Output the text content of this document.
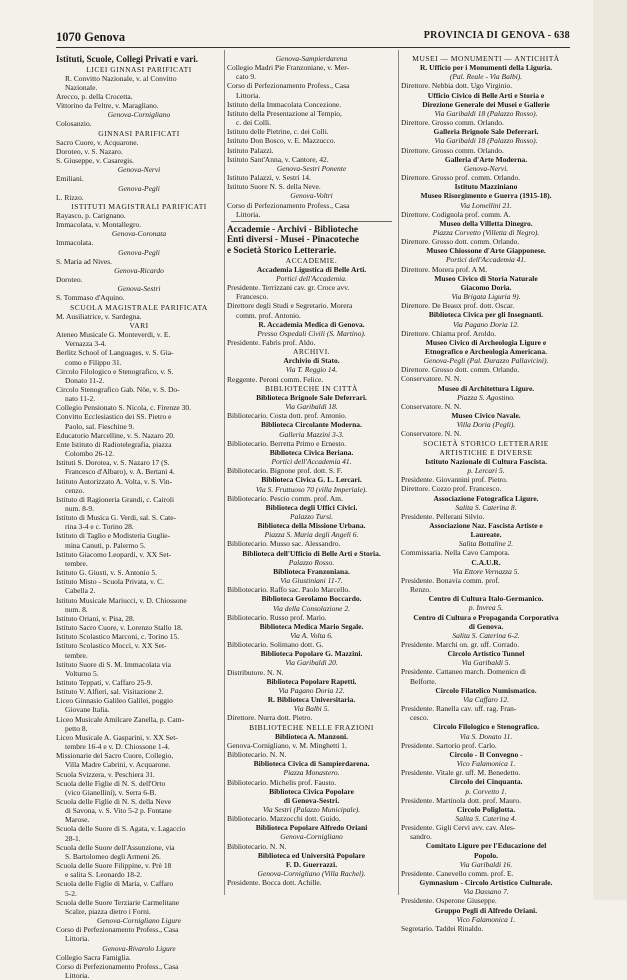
1070 Genova	PROVINCIA DI GENOVA - 638

Istituti, Scuole, Collegi Privati e vari.

LICEI GINNASI PARIFICATI

R. Convitto Nazionale, v. al Convitto

Nazionale.

Arecco, p. della Crocetta.

Vittorino da Feltre, v. Maragliano.

Genova-Cornigliano

Colosanzio.

GINNASI PARIFICATI

Sacro Cuore, v. Acquarone.

Doroteo, v. S. Nazaro.

S. Giuseppe, v. Casaregis.

Genova-Nervi

Emiliani.

Genova-Pegli

L. Rizzo.

ISTITUTI MAGISTRALI PARIFICATI

Rayasco, p. Carignano.

Immacolata, v. Montallegro.

Genova-Coronata

Immacolata.

Genova-Pegli

S. Maria ad Nives.

Genova-Ricardo

Doroteo.

Genova-Sestri

S. Tommaso d'Aquino.

SCUOLA MAGISTRALE PARIFICATA

M. Ausiliatrice, v. Sardegna.

VARI

Ateneo Musicale G. Monteverdi, v. E.

Vernazza 3-4.

Berlitz School of Languages, v. S. Gia-

como e Filippo 31.

Circolo Filologico e Stenografico, v. S.

Donato 11-2.

Circolo Stenografico Gab. Nöe, v. S. Do-

nato 11-2.

Collegio Pensionato S. Nicola, c. Firenze 30.

Convitto Ecclesiastico dei SS. Pietro e

Paolo, sal. Fieschine 9.

Educatorio Marcelline, v. S. Nazaro 20.

Ente Istituto di Radiotelegrafia, piazza

Colombo 26-12.

Istituti S. Dorotea, v. S. Nazaro 17 (S.

Francesco d'Albaro), v. A. Bertani 4.

Istituto Autorizzato A. Volta, v. S. Vin-

cenzo.

Istituto di Ragioneria Grandi, c. Cairoli

num. 8-9.

Istituto di Musica G. Verdi, sal. S. Cate-

rina 3-4 e c. Torino 28.

Istituto di Taglio e Modisteria Guglie-

mina Canuti, p. Palermo 5.

Istituto Giacomo Leopardi, v. XX Set-

tembre.

Istituto G. Giusti, v. S. Antonio 5.

Istituto Misto - Scuola Privata, v. C.

Cabella 2.

Istituto Musicale Mariucci, v. D. Chiossone

num. 8.

Istituto Oriani, v. Pisa, 28.

Istituto Sacro Cuore, v. Lorenzo Stallo 18.

Istituto Scolastico Marconi, c. Torino 15.

Istituto Scolastico Mocci, v. XX Set-

tembre.

Istituto Suore di S. M. Immacolata via

Volturno 5.

Istituto Teppati, v. Caffaro 25-9.

Istituto V. Alfieri, sal. Visitazione 2.

Liceo Ginnasio Galileo Galilei, poggio

Giovane Italia.

Liceo Musicale Amilcare Zanella, p. Cam-

petto 8.

Liceo Musicale A. Gasparini, v. XX Set-

tembre 16-4 e v. D. Chiossone 1-4.

Missionarie del Sacro Cuore, Collegio,

Villa Madre Cabrini, v. Acquarone.

Scuola Svizzera, v. Peschiera 31.

Scuola delle Figlie di N. S. dell'Orto

(vico Gianellini), v. Serra 6-B.

Scuola delle Figlie di N. S. della Neve

di Savona, v. S. Vito 5-2 p. Fontane

Marose.

Scuola delle Suore di S. Agata, v. Lagaccio

28-1.

Scuola delle Suore dell'Assunzione, via

S. Bartolomeo degli Armeni 26.

Scuola delle Suore Filippine, v. Prè 18

e salita S. Leonardo 18-2.

Scuola delle Figlie di Maria, v. Caffaro

5-2.

Scuola delle Suore Terziarie Carmelitane

Scalze, piazza dietro i Forni.

Genova-Cornigliano Ligure

Corso di Perfezionamento Profess., Casa

Littoria.

Genova-Rivarolo Ligure

Collegio Sacra Famiglia.

Corso di Perfezionamento Profess., Casa

Littoria.

Genova-Sampierdarena

Collegio Madri Pie Franzoniane, v. Mer-

cato 9.

Corso di Perfezionamento Profess., Casa

Littoria.

Istituto della Immacolata Concezione.

Istituto della Presentazione al Tempio,

c. dei Colli.

Istituto delle Pietrine, c. dei Colli.

Istituto Don Bosco, v. E. Mazzucco.

Istituto Palazzi.

Istituto Sant'Anna, v. Cantore, 42.

Genova-Sestri Ponente

Istituto Palazzi, v. Sestri 14.

Istituto Suore N. S. della Neve.

Genova-Voltri

Corso di Perfezionamento Profess., Casa

Littoria.

Accademie - Archivi - Biblioteche

Enti diversi - Musei - Pinacoteche

e Società Storico Letterarie.

ACCADEMIE.

Accademia Ligustica di Belle Arti.

Portici dell'Accademia.

Presidente. Terrizzani cav. gr. Croce avv.

Francesco.

Direttore degli Studi e Segretario. Morera

comm. prof. Antonio.

R. Accademia Medica di Genova.

Presso Ospedali Civili (S. Martino).

Presidente. Fabris prof. Aldo.

ARCHIVI.

Archivio di Stato.

Via T. Reggio 14.

Reggente. Peroni comm. Felice.

BIBLIOTECHE IN CITTÀ

Biblioteca Brignole Sale Deferrari.

Via Garibaldi 18.

Bibliotecario. Costa dott. prof. Antonio.

Biblioteca Circolante Moderna.

Galleria Mazzini 3-3.

Bibliotecario. Berretta Primo e Ernesto.

Biblioteca Civica Beriana.

Portici dell'Accademia 41.

Bibliotecario. Bignone prof. dott. S. F.

Biblioteca Civica G. L. Lercari.

Via S. Fruttuoso 70 (villa Imperiale).

Bibliotecario. Pescio comm. prof. Am.

Biblioteca degli Uffici Civici.

Palazzo Tursi.

Biblioteca della Missione Urbana.

Piazza S. Maria degli Angeli 6.

Bibliotecario. Musso sac. Alessandro.

Biblioteca dell'Ufficio di Belle Arti e Storia.

Palazzo Rosso.

Biblioteca Franzoniana.

Via Giustiniani 11-7.

Bibliotecario. Raffo sac. Paolo Marcello.

Biblioteca Gerolamo Boccardo.

Via della Consolazione 2.

Bibliotecario. Russo prof. Mario.

Biblioteca Medica Mario Segale.

Via A. Volta 6.

Bibliotecario. Solimano dott. G.

Biblioteca Popolare G. Mazzini.

Via Garibaldi 20.

Distributore. N. N.

Biblioteca Popolare Rapetti.

Via Pagano Doria 12.

R. Biblioteca Universitaria.

Via Balbi 5.

Direttore. Nurra dott. Pietro.

BIBLIOTECHE NELLE FRAZIONI

Biblioteca A. Manzoni.

Genova-Cornigliano, v. M. Minghetti 1.

Bibliotecario. N. N.

Biblioteca Civica di Sampierdarena.

Piazza Monastero.

Bibliotecario. Michelis prof. Fausto.

Biblioteca Civica Popolare

di Genova-Sestri.

Via Sestri (Palazzo Municipale).

Bibliotecario. Mazzocchi dott. Guido.

Biblioteca Popolare Alfredo Oriani

Genova-Cornigliano

Bibliotecario. N. N.

Biblioteca ed Università Popolare

F. D. Guerrazzi.

Genova-Cornigliano (Villa Rachel).

Presidente. Bocca dott. Achille.

MUSEI — MONUMENTI — ANTICHITÀ

R. Ufficio per i Monumenti della Liguria.

(Pal. Reale - Via Balbi).

Direttore. Nebbia dott. Ugo Virginio.

Ufficio Civico di Belle Arti e Storia e

Direzione Generale dei Musei e Gallerie

Via Garibaldi 18 (Palazzo Rosso).

Direttore. Grosso comm. Orlando.

Galleria Brignole Sale Deferrari.

Via Garibaldi 18 (Palazzo Rosso).

Direttore. Grosso comm. Orlando.

Galleria d'Arte Moderna.

Genova-Nervi.

Direttore. Grosso prof. comm. Orlando.

Istituto Mazziniano

Museo Risorgimento e Guerra (1915-18).

Via Lomellini 21.

Direttore. Codignola prof. comm. A.

Museo della Villetta Dinegro.

Piazza Corvetto (Villetta di Negro).

Direttore. Grosso dott. comm. Orlando.

Museo Chiossone d'Arte Giapponese.

Portici dell'Accademia 41.

Direttore. Morera prof. A M.

Museo Civico di Storia Naturale

Giacomo Doria.

Via Brigata Liguria 9).

Direttore. De Beaux prof. dott. Oscar.

Biblioteca Civica per gli Insegnanti.

Via Pagano Doria 12.

Direttore. Chiama prof. Aroldo.

Museo Civico di Archeologia Ligure e

Etnografico e Archeologia Americana.

Genova-Pegli (Pal. Durazzo Pallavicini).

Direttore. Grosso dott. comm. Orlando.

Conservatore. N. N.

Museo di Architettura Ligure.

Piazza S. Agostino.

Conservatore. N. N.

Museo Civico Navale.

Villa Doria (Pegli).

Conservatore. N. N.

SOCIETÀ STORICO LETTERARIE

ARTISTICHE E DIVERSE

Istituto Nazionale di Cultura Fascista.

p. Lercari 5.

Presidente. Giovannini prof. Pietro.

Direttore. Cozzo prof. Francesco.

Associazione Fotografica Ligure.

Salita S. Caterina 8.

Presidente. Pellerani Silvio.

Associazione Naz. Fascista Artiste e

Laureate.

Salita Bottaline 2.

Commissaria. Nella Cavo Campora.

C.A.U.R.

Via Ettore Vernazza 5.

Presidente. Bonavia comm. prof.

Renzo.

Centro di Cultura Italo-Germanico.

p. Invrea 5.

Centro di Cultura e Propaganda Corporativa

di Genova.

Salita S. Caterina 6-2.

Presidente. Marchi on. gr. uff. Corrado.

Circolo Artistico Tunnel

Via Garibaldi 5.

Presidente. Cattaneo march. Domenico di

Belforte.

Circolo Filatelico Numismatico.

Via Caffaro 12.

Presidente. Ranella cav. uff. rag. Fran-

cesco.

Circolo Filologico e Stenografico.

Via S. Donato 11.

Presidente. Sartorio prof. Carlo.

Circolo - Il Convegno -

Vico Falamonica 1.

Presidente. Vitale gr. uff. M. Benedetto.

Circolo dei Cinquanta.

p. Corvetto 1.

Presidente. Martinola dott. prof. Mauro.

Circolo Poliglotta.

Salita S. Caterina 4.

Presidente. Gigli Cervi avv. cav. Ales-

sandro.

Comitato Ligure per l'Educazione del

Popolo.

Via Garibaldi 16.

Presidente. Canevello comm. prof. E.

Gymnasium - Circolo Artistico Culturale.

Via Dassano 7.

Presidente. Osperone Giuseppe.

Gruppo Pegli di Alfredo Oriani.

Vico Falamonica 1.

Segretario. Taddei Rinaldo.
